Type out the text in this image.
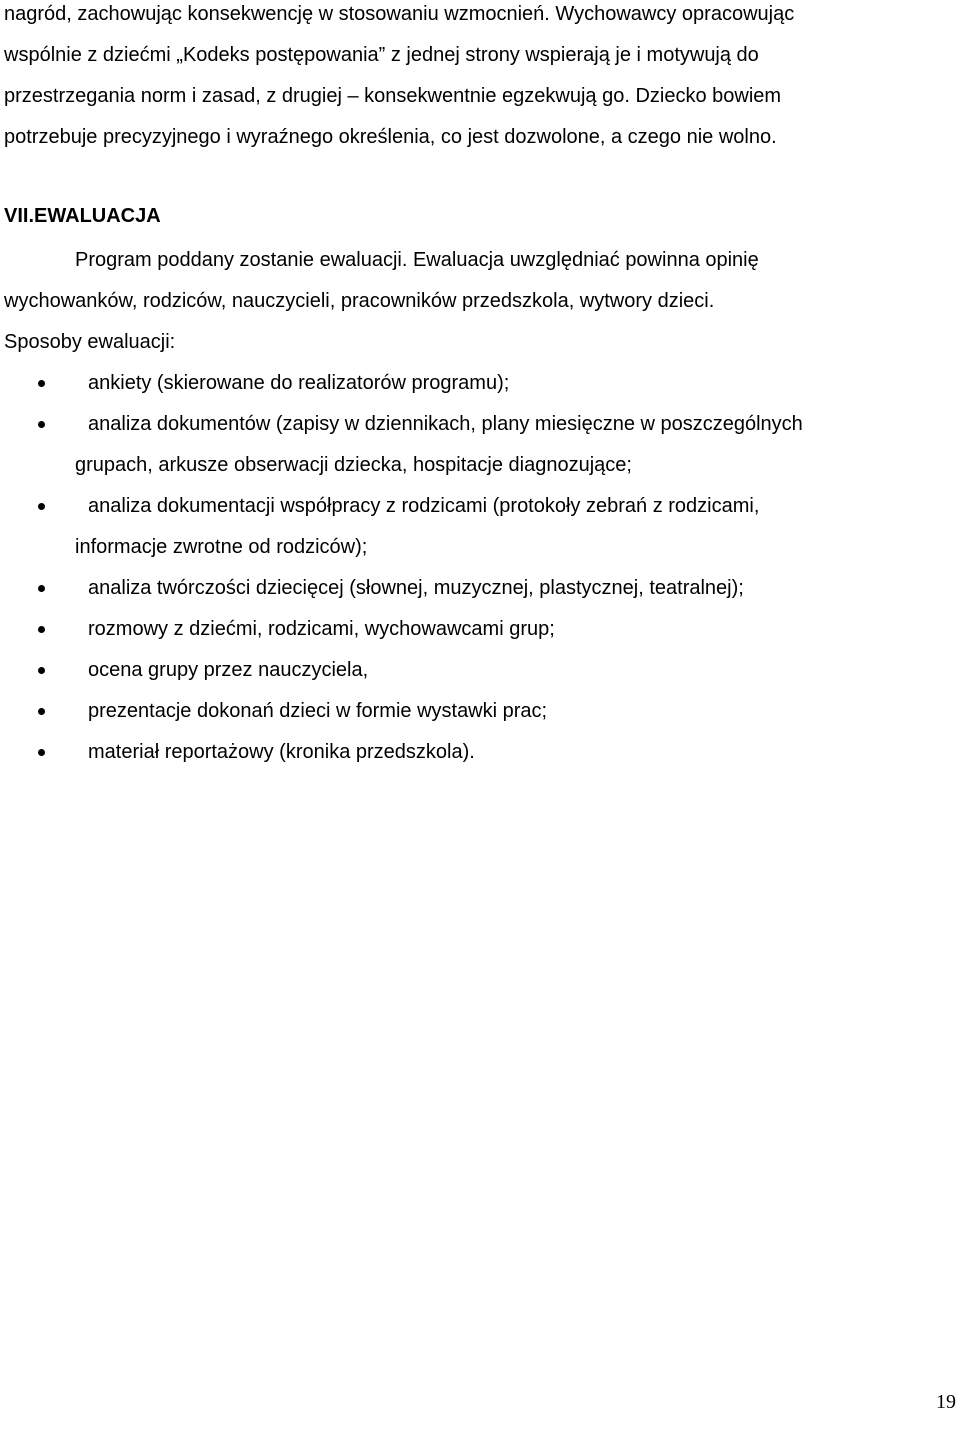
nagród, zachowując konsekwencję w stosowaniu wzmocnień. Wychowawcy opracowując
wspólnie z dziećmi „Kodeks postępowania” z jednej strony wspierają je i motywują do
przestrzegania norm i zasad, z drugiej – konsekwentnie egzekwują go. Dziecko bowiem
potrzebuje precyzyjnego i wyraźnego określenia, co jest dozwolone, a czego nie wolno.
VII.EWALUACJA
Program poddany zostanie ewaluacji. Ewaluacja uwzględniać powinna opinię
wychowanków, rodziców, nauczycieli, pracowników przedszkola, wytwory dzieci.
Sposoby ewaluacji:
ankiety (skierowane do realizatorów programu);
analiza dokumentów (zapisy w dziennikach, plany miesięczne w poszczególnych
grupach, arkusze obserwacji dziecka, hospitacje diagnozujące;
analiza dokumentacji współpracy z rodzicami (protokoły zebrań z rodzicami,
informacje zwrotne od rodziców);
analiza twórczości dziecięcej (słownej, muzycznej, plastycznej, teatralnej);
rozmowy z dziećmi, rodzicami, wychowawcami grup;
ocena grupy przez nauczyciela,
prezentacje dokonań dzieci w formie wystawki prac;
materiał reportażowy (kronika przedszkola).
19
